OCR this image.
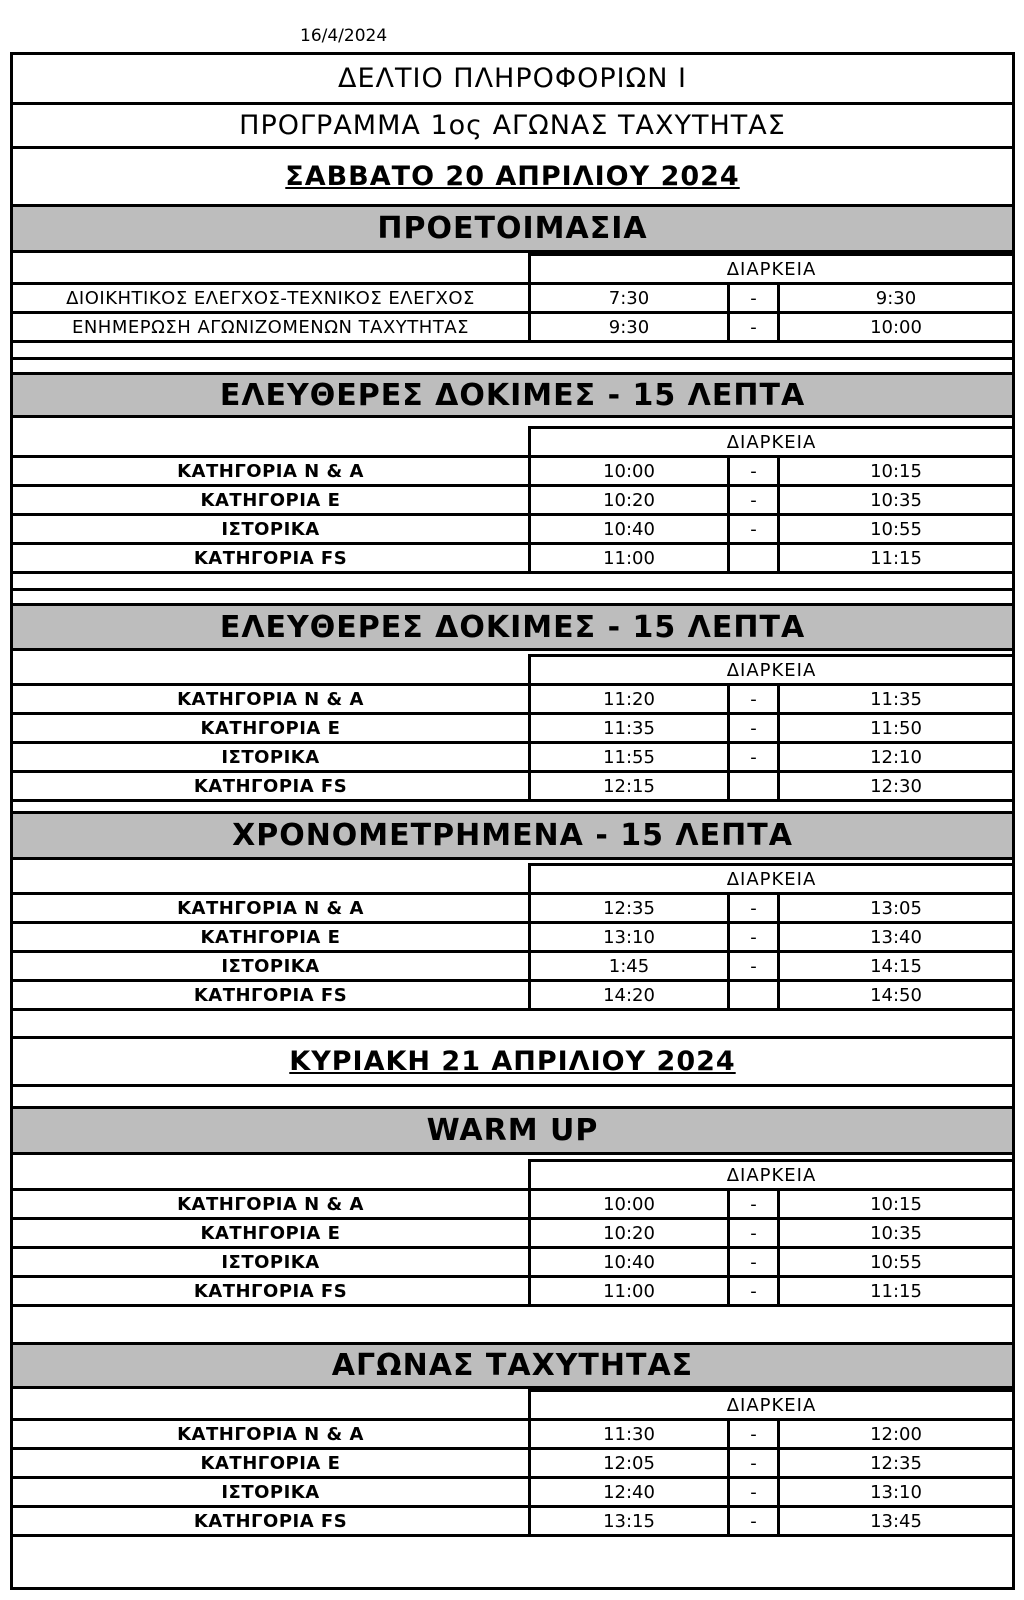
16/4/2024
ΔΕΛΤΙΟ ΠΛΗΡΟΦΟΡΙΩΝ Ι
ΠΡΟΓΡΑΜΜΑ 1ος ΑΓΩΝΑΣ ΤΑΧΥΤΗΤΑΣ
ΣΑΒΒΑΤΟ 20 ΑΠΡΙΛΙΟΥ 2024
ΠΡΟΕΤΟΙΜΑΣΙΑ
ΔΙΑΡΚΕΙΑ
ΔΙΟΙΚΗΤΙΚΟΣ ΕΛΕΓΧΟΣ-ΤΕΧΝΙΚΟΣ ΕΛΕΓΧΟΣ	7:30	-	9:30
ΕΝΗΜΕΡΩΣΗ ΑΓΩΝΙΖΟΜΕΝΩΝ ΤΑΧΥΤΗΤΑΣ	9:30	-	10:00
ΕΛΕΥΘΕΡΕΣ ΔΟΚΙΜΕΣ - 15 ΛΕΠΤΑ
ΔΙΑΡΚΕΙΑ
ΚΑΤΗΓΟΡΙΑ Ν & Α	10:00	-	10:15
ΚΑΤΗΓΟΡΙΑ Ε	10:20	-	10:35
ΙΣΤΟΡΙΚΑ	10:40	-	10:55
ΚΑΤΗΓΟΡΙΑ FS	11:00	11:15
ΕΛΕΥΘΕΡΕΣ ΔΟΚΙΜΕΣ - 15 ΛΕΠΤΑ
ΔΙΑΡΚΕΙΑ
ΚΑΤΗΓΟΡΙΑ Ν & Α	11:20	-	11:35
ΚΑΤΗΓΟΡΙΑ Ε	11:35	-	11:50
ΙΣΤΟΡΙΚΑ	11:55	-	12:10
ΚΑΤΗΓΟΡΙΑ FS	12:15	12:30
ΧΡΟΝΟΜΕΤΡΗΜΕΝΑ - 15 ΛΕΠΤΑ
ΔΙΑΡΚΕΙΑ
ΚΑΤΗΓΟΡΙΑ Ν & Α	12:35	-	13:05
ΚΑΤΗΓΟΡΙΑ Ε	13:10	-	13:40
ΙΣΤΟΡΙΚΑ	1:45	-	14:15
ΚΑΤΗΓΟΡΙΑ FS	14:20	14:50
ΚΥΡΙΑΚΗ 21 ΑΠΡΙΛΙΟΥ 2024
WARM UP
ΔΙΑΡΚΕΙΑ
ΚΑΤΗΓΟΡΙΑ Ν & Α	10:00	-	10:15
ΚΑΤΗΓΟΡΙΑ Ε	10:20	-	10:35
ΙΣΤΟΡΙΚΑ	10:40	-	10:55
ΚΑΤΗΓΟΡΙΑ FS	11:00	-	11:15
ΑΓΩΝΑΣ ΤΑΧΥΤΗΤΑΣ
ΔΙΑΡΚΕΙΑ
ΚΑΤΗΓΟΡΙΑ Ν & Α	11:30	-	12:00
ΚΑΤΗΓΟΡΙΑ Ε	12:05	-	12:35
ΙΣΤΟΡΙΚΑ	12:40	-	13:10
ΚΑΤΗΓΟΡΙΑ FS	13:15	-	13:45
